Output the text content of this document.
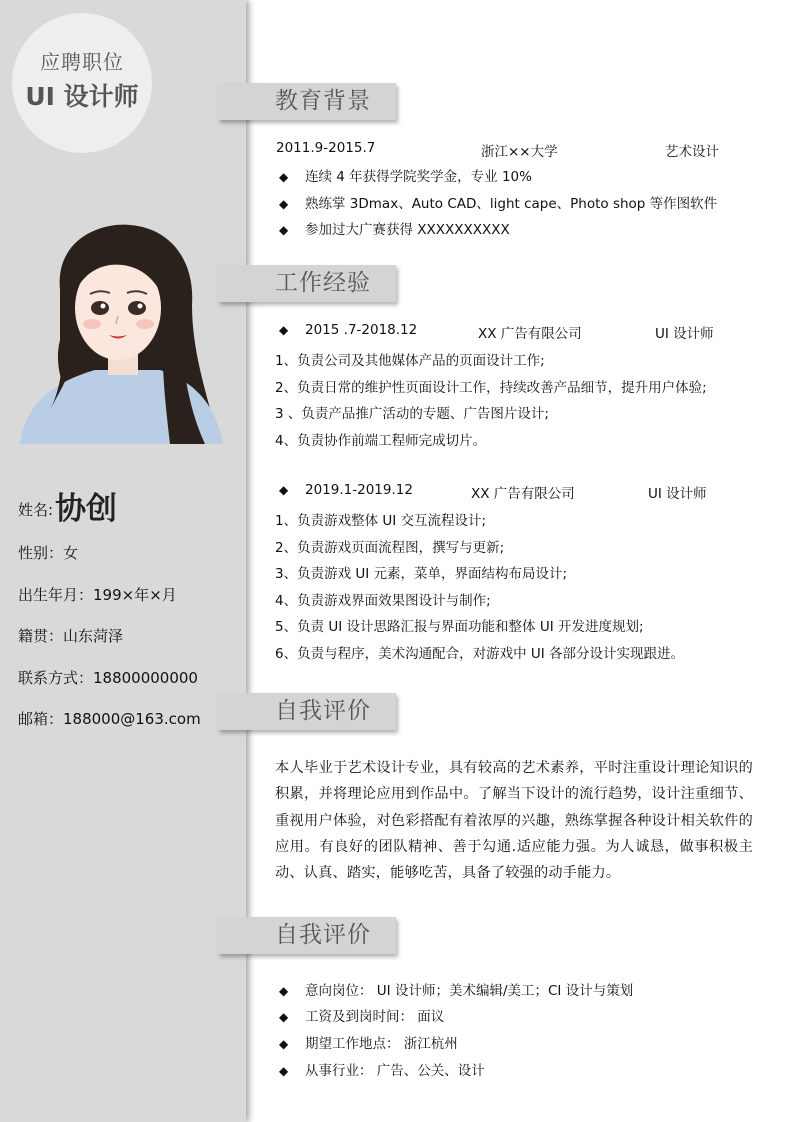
应聘职位
UI 设计师
姓名:协创
性别：女
出生年月：199×年×月
籍贯：山东菏泽
联系方式：18800000000
邮箱：188000@163.com
教育背景
2011.9-2015.7	浙江××大学	艺术设计
◆ 连续 4 年获得学院奖学金，专业 10%
◆ 熟练掌 3Dmax、Auto CAD、light cape、Photo shop 等作图软件
◆ 参加过大广赛获得 XXXXXXXXXX
工作经验
◆ 2015 .7-2018.12	XX 广告有限公司	UI 设计师
1、负责公司及其他媒体产品的页面设计工作;
2、负责日常的维护性页面设计工作，持续改善产品细节，提升用户体验;
3 、负责产品推广活动的专题、广告图片设计;
4、负责协作前端工程师完成切片。
◆ 2019.1-2019.12	XX 广告有限公司	UI 设计师
1、负责游戏整体 UI 交互流程设计;
2、负责游戏页面流程图，撰写与更新;
3、负责游戏 UI 元素，菜单，界面结构布局设计;
4、负责游戏界面效果图设计与制作;
5、负责 UI 设计思路汇报与界面功能和整体 UI 开发进度规划;
6、负责与程序，美术沟通配合，对游戏中 UI 各部分设计实现跟进。
自我评价
本人毕业于艺术设计专业，具有较高的艺术素养，平时注重设计理论知识的积累，并将理论应用到作品中。了解当下设计的流行趋势，设计注重细节、重视用户体验，对色彩搭配有着浓厚的兴趣，熟练掌握各种设计相关软件的应用。有良好的团队精神、善于勾通.适应能力强。为人诚恳，做事积极主动、认真、踏实，能够吃苦，具备了较强的动手能力。
自我评价
◆ 意向岗位： UI 设计师；美术编辑/美工；CI 设计与策划
◆ 工资及到岗时间： 面议
◆ 期望工作地点： 浙江杭州
◆ 从事行业： 广告、公关、设计
